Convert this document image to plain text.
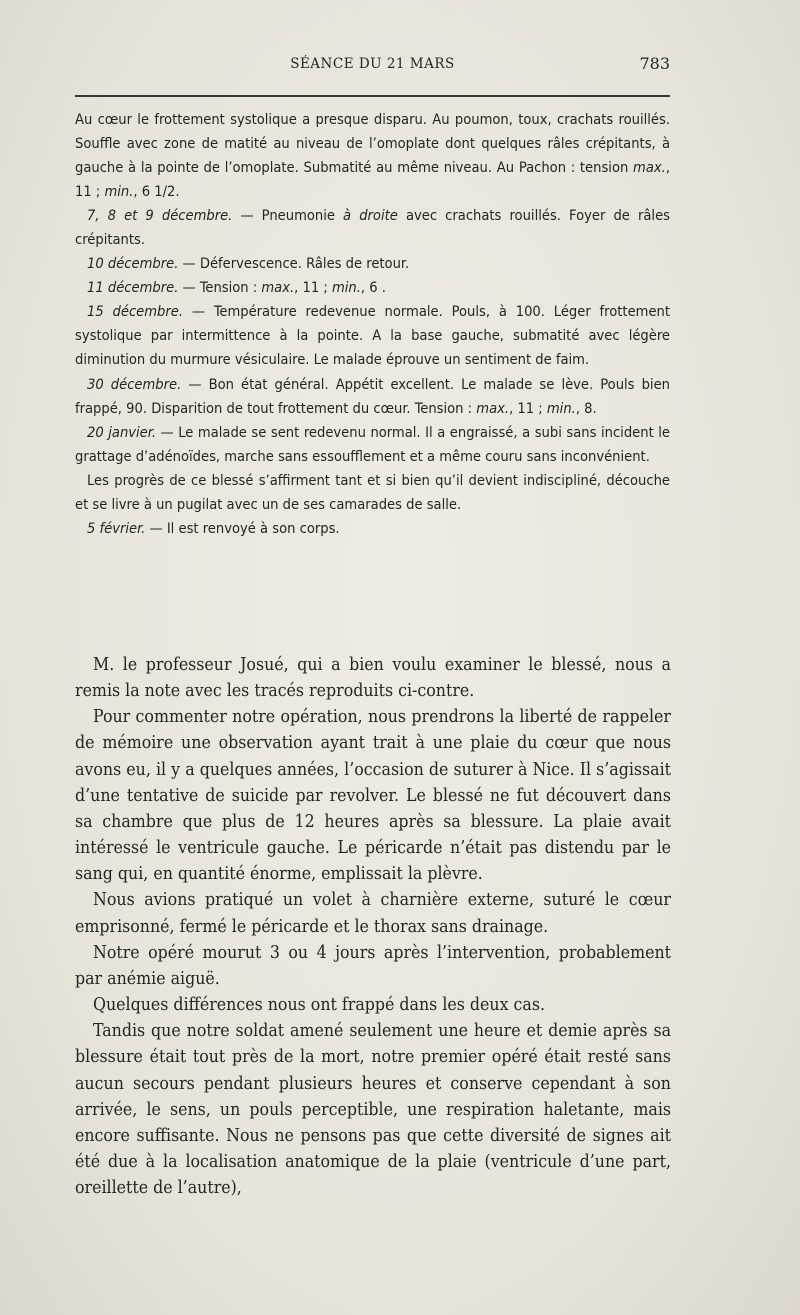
SÉANCE DU 21 MARS	783

Au cœur le frottement systolique a presque disparu. Au poumon, toux, crachats rouillés. Souffle avec zone de matité au niveau de l’omoplate dont quelques râles crépitants, à gauche à la pointe de l’omoplate. Submatité au même niveau. Au Pachon : tension max., 11 ; min., 6 1/2.

7, 8 et 9 décembre. — Pneumonie à droite avec crachats rouillés. Foyer de râles crépitants.

10 décembre. — Défervescence. Râles de retour.

11 décembre. — Tension : max., 11 ; min., 6 .

15 décembre. — Température redevenue normale. Pouls, à 100. Léger frottement systolique par intermittence à la pointe. A la base gauche, submatité avec légère diminution du murmure vésiculaire. Le malade éprouve un sentiment de faim.

30 décembre. — Bon état général. Appétit excellent. Le malade se lève. Pouls bien frappé, 90. Disparition de tout frottement du cœur. Tension : max., 11 ; min., 8.

20 janvier. — Le malade se sent redevenu normal. Il a engraissé, a subi sans incident le grattage d’adénoïdes, marche sans essoufflement et a même couru sans inconvénient.

Les progrès de ce blessé s’affirment tant et si bien qu’il devient indiscipliné, découche et se livre à un pugilat avec un de ses camarades de salle.

5 février. — Il est renvoyé à son corps.

M. le professeur Josué, qui a bien voulu examiner le blessé, nous a remis la note avec les tracés reproduits ci-contre.

Pour commenter notre opération, nous prendrons la liberté de rappeler de mémoire une observation ayant trait à une plaie du cœur que nous avons eu, il y a quelques années, l’occasion de suturer à Nice. Il s’agissait d’une tentative de suicide par revolver. Le blessé ne fut découvert dans sa chambre que plus de 12 heures après sa blessure. La plaie avait intéressé le ventricule gauche. Le péricarde n’était pas distendu par le sang qui, en quantité énorme, emplissait la plèvre.

Nous avions pratiqué un volet à charnière externe, suturé le cœur emprisonné, fermé le péricarde et le thorax sans drainage.

Notre opéré mourut 3 ou 4 jours après l’intervention, probablement par anémie aiguë.

Quelques différences nous ont frappé dans les deux cas.

Tandis que notre soldat amené seulement une heure et demie après sa blessure était tout près de la mort, notre premier opéré était resté sans aucun secours pendant plusieurs heures et conserve cependant à son arrivée, le sens, un pouls perceptible, une respiration haletante, mais encore suffisante. Nous ne pensons pas que cette diversité de signes ait été due à la localisation anatomique de la plaie (ventricule d’une part, oreillette de l’autre),
